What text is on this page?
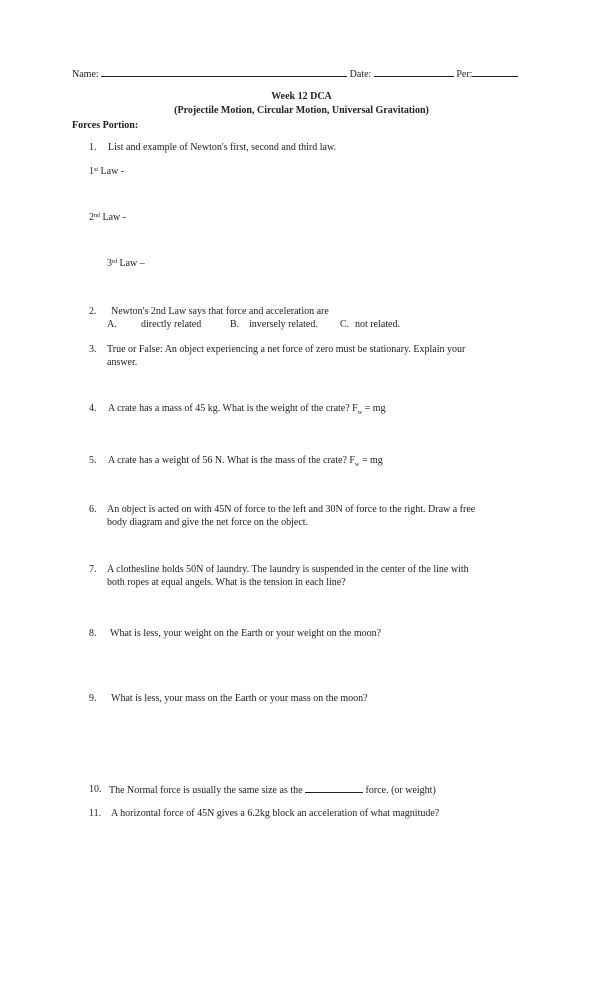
Name:	Date:	Per:
Week 12 DCA
(Projectile Motion, Circular Motion, Universal Gravitation)
Forces Portion:
1. List and example of Newton's first, second and third law.
1st Law -
2nd Law -
3rd Law –
2. Newton's 2nd Law says that force and acceleration are
A. directly related	B. inversely related. C. not related.
3. True or False: An object experiencing a net force of zero must be stationary. Explain your
answer.
4. A crate has a mass of 45 kg. What is the weight of the crate? $F_w$ = mg
5. A crate has a weight of 56 N. What is the mass of the crate? $F_w$ = mg
6. An object is acted on with 45N of force to the left and 30N of force to the right. Draw a free
body diagram and give the net force on the object.
7. A clothesline holds 50N of laundry. The laundry is suspended in the center of the line with
both ropes at equal angels. What is the tension in each line?
8. What is less, your weight on the Earth or your weight on the moon?
9. What is less, your mass on the Earth or your mass on the moon?
10. The Normal force is usually the same size as the	force. (or weight)
11. A horizontal force of 45N gives a 6.2kg block an acceleration of what magnitude?
